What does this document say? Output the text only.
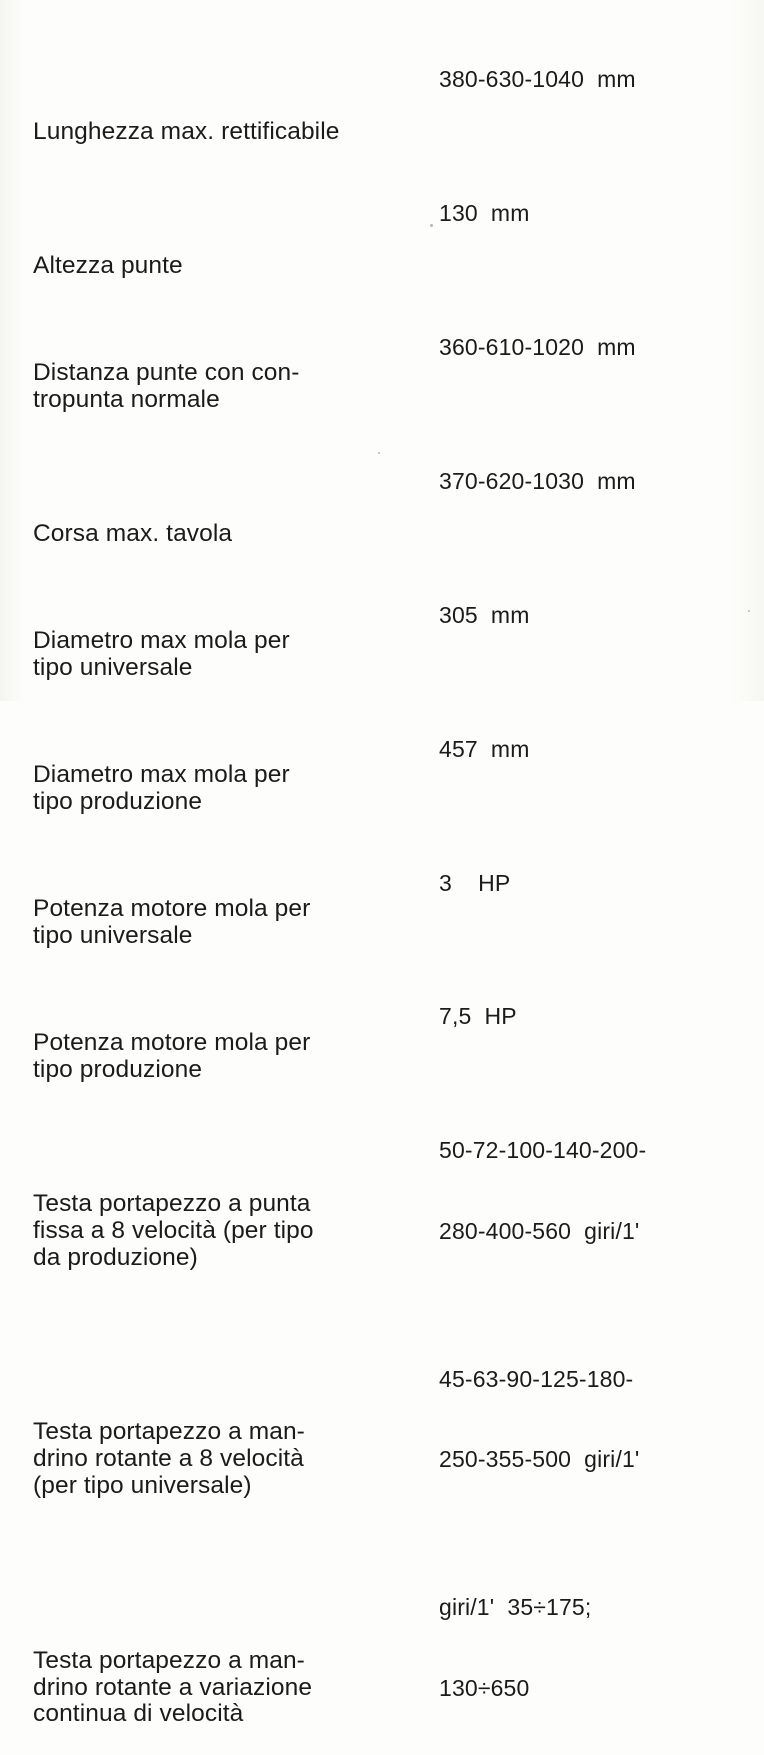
Lunghezza max. rettificabile

380-630-1040  mm

Altezza punte

130  mm

Distanza punte con con-
tropunta normale

360-610-1020  mm

Corsa max. tavola

370-620-1030  mm

Diametro max mola per
tipo universale

305  mm

Diametro max mola per
tipo produzione

457  mm

Potenza motore mola per
tipo universale

3    HP

Potenza motore mola per
tipo produzione

7,5  HP

Testa portapezzo a punta
fissa a 8 velocità (per tipo
da produzione)

50-72-100-140-200-

280-400-560  giri/1'

Testa portapezzo a man-
drino rotante a 8 velocità
(per tipo universale)

45-63-90-125-180-

250-355-500  giri/1'

Testa portapezzo a man-
drino rotante a variazione
continua di velocità

giri/1'  35÷175;

130÷650
